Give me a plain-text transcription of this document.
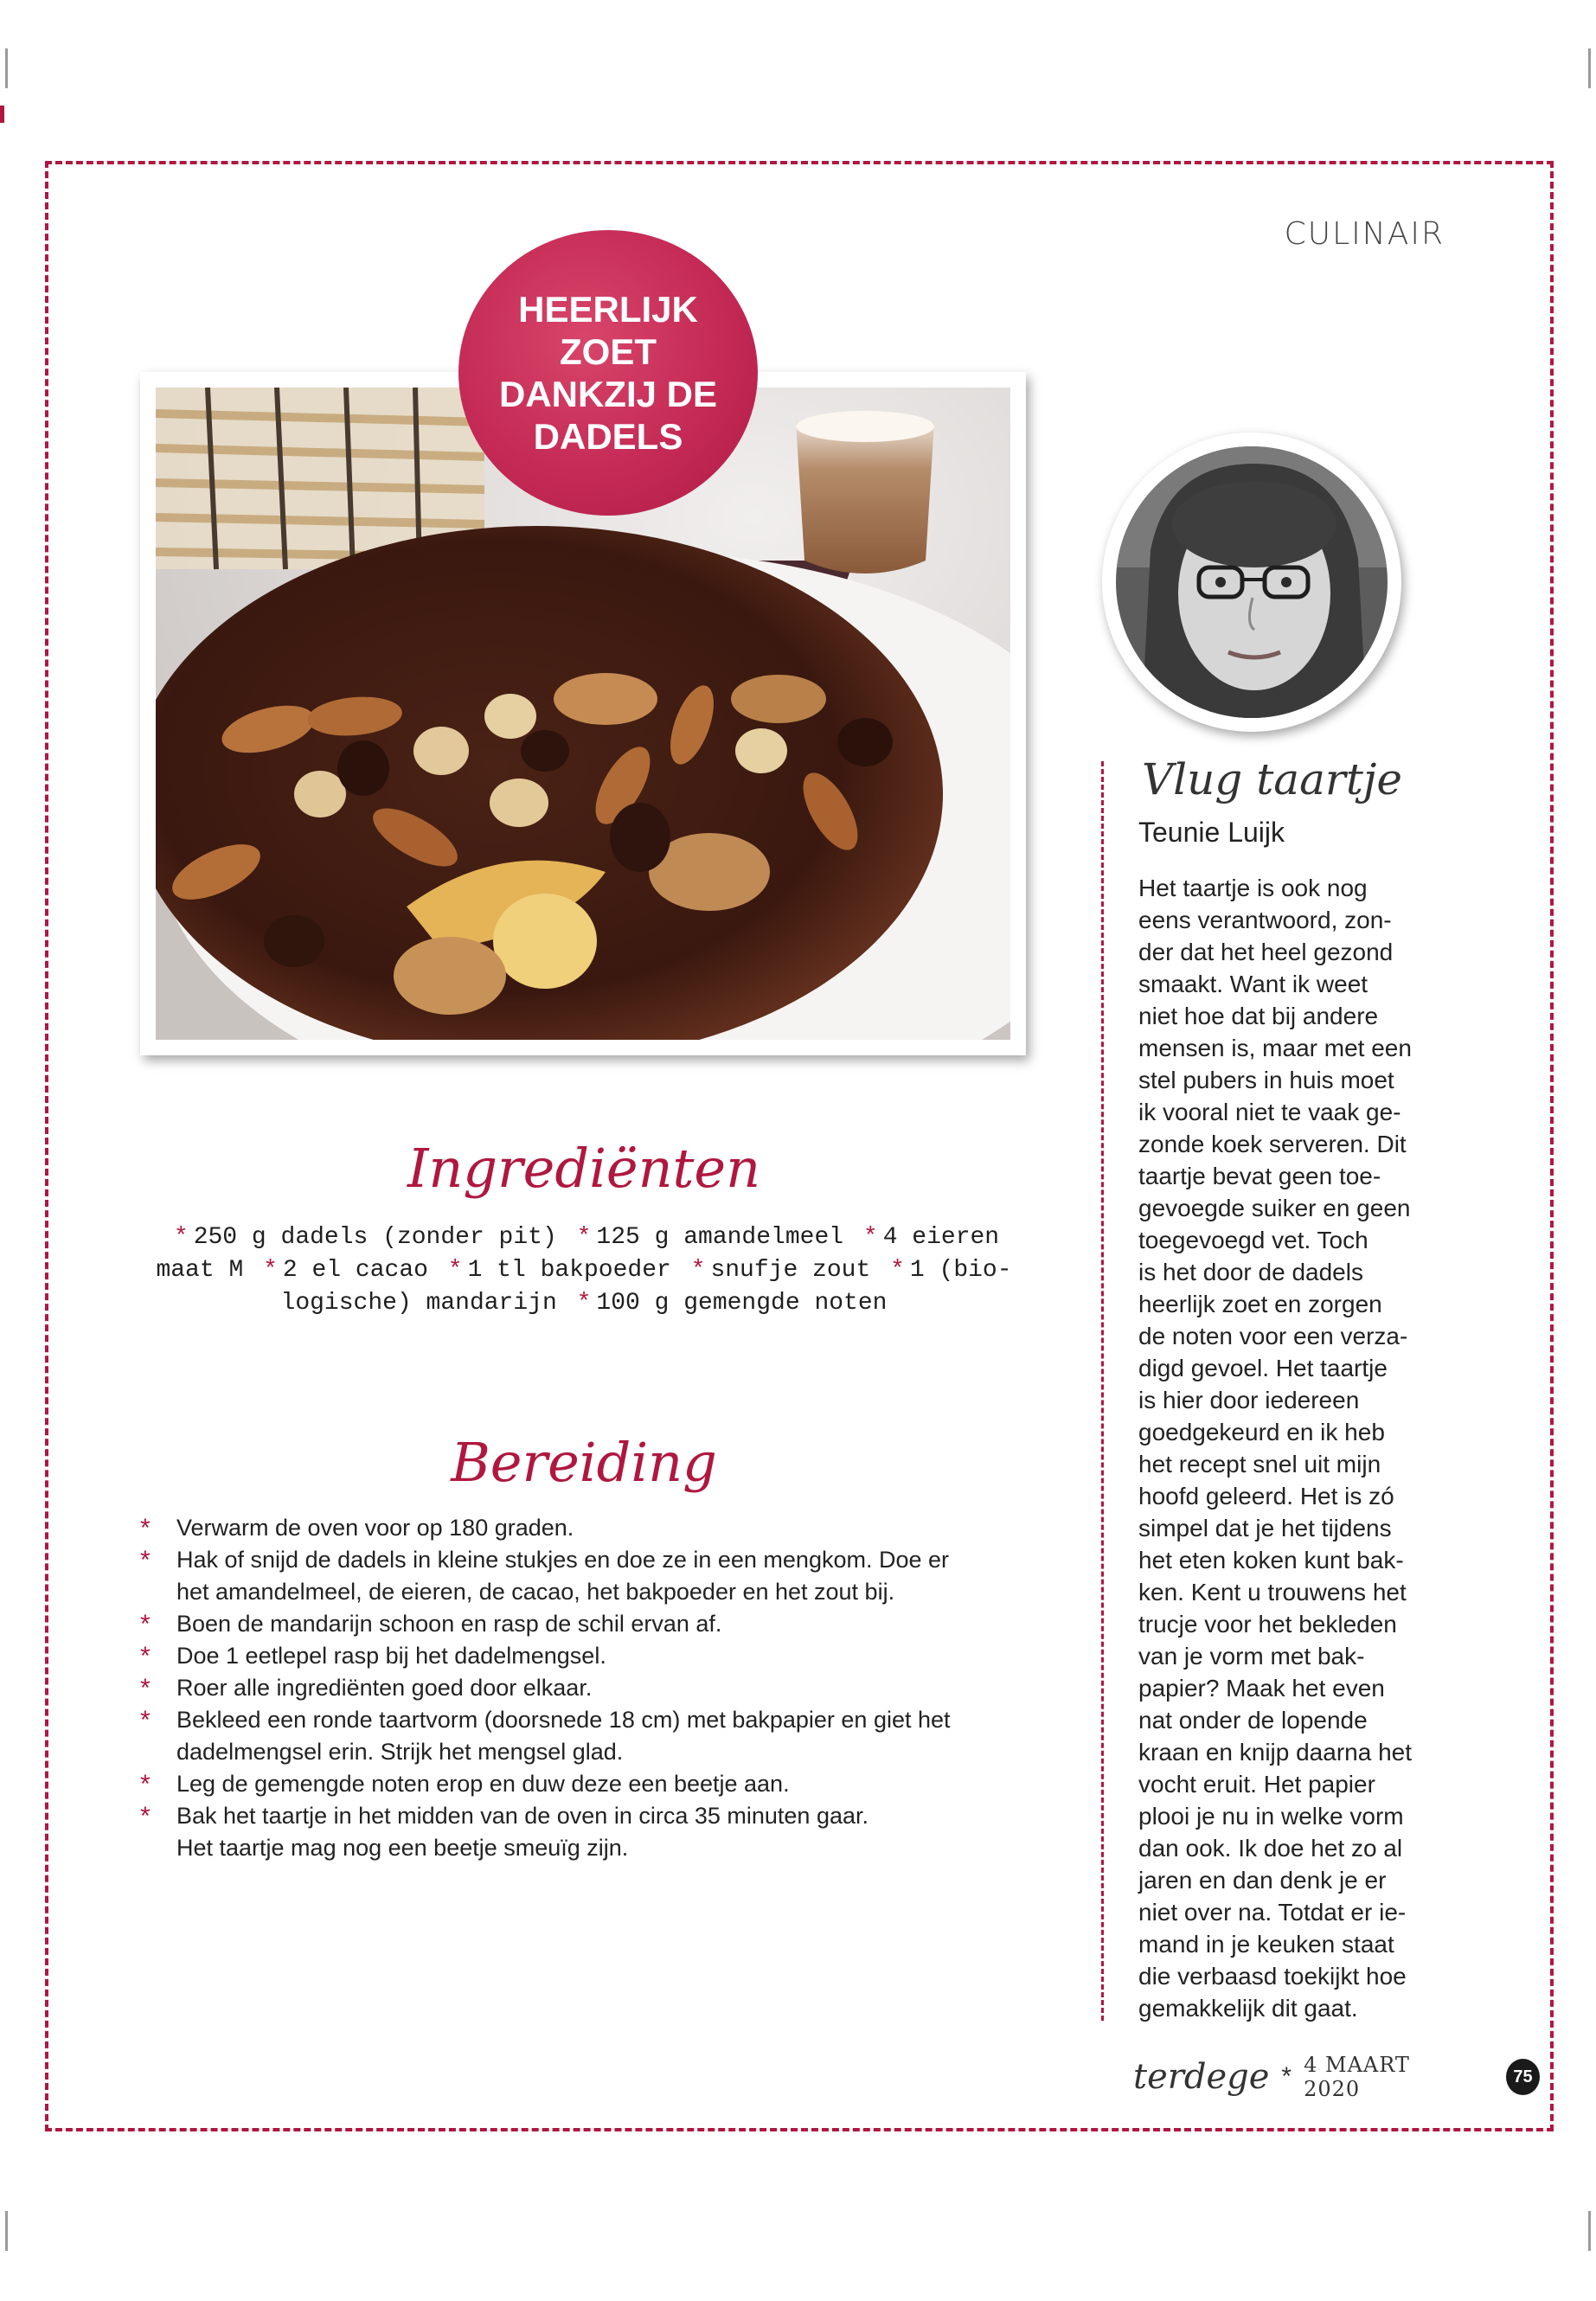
CULINAIR
HEERLIJK ZOET DANKZIJ DE DADELS
Vlug taartje
Teunie Luijk
Het taartje is ook nog
eens verantwoord, zon-
der dat het heel gezond
smaakt. Want ik weet
niet hoe dat bij andere
mensen is, maar met een
stel pubers in huis moet
ik vooral niet te vaak ge-
zonde koek serveren. Dit
taartje bevat geen toe-
gevoegde suiker en geen
toegevoegd vet. Toch
is het door de dadels
heerlijk zoet en zorgen
de noten voor een verza-
digd gevoel. Het taartje
is hier door iedereen
goedgekeurd en ik heb
het recept snel uit mijn
hoofd geleerd. Het is zó
simpel dat je het tijdens
het eten koken kunt bak-
ken. Kent u trouwens het
trucje voor het bekleden
van je vorm met bak-
papier? Maak het even
nat onder de lopende
kraan en knijp daarna het
vocht eruit. Het papier
plooi je nu in welke vorm
dan ook. Ik doe het zo al
jaren en dan denk je er
niet over na. Totdat er ie-
mand in je keuken staat
die verbaasd toekijkt hoe
gemakkelijk dit gaat.
Ingrediënten
* 250 g dadels (zonder pit) * 125 g amandelmeel * 4 eieren
maat M * 2 el cacao * 1 tl bakpoeder * snufje zout * 1 (bio-
logische) mandarijn * 100 g gemengde noten
Bereiding
* Verwarm de oven voor op 180 graden.
* Hak of snijd de dadels in kleine stukjes en doe ze in een mengkom. Doe er
het amandelmeel, de eieren, de cacao, het bakpoeder en het zout bij.
* Boen de mandarijn schoon en rasp de schil ervan af.
* Doe 1 eetlepel rasp bij het dadelmengsel.
* Roer alle ingrediënten goed door elkaar.
* Bekleed een ronde taartvorm (doorsnede 18 cm) met bakpapier en giet het
dadelmengsel erin. Strijk het mengsel glad.
* Leg de gemengde noten erop en duw deze een beetje aan.
* Bak het taartje in het midden van de oven in circa 35 minuten gaar.
Het taartje mag nog een beetje smeuïg zijn.
terdege * 4 MAART 2020
75
